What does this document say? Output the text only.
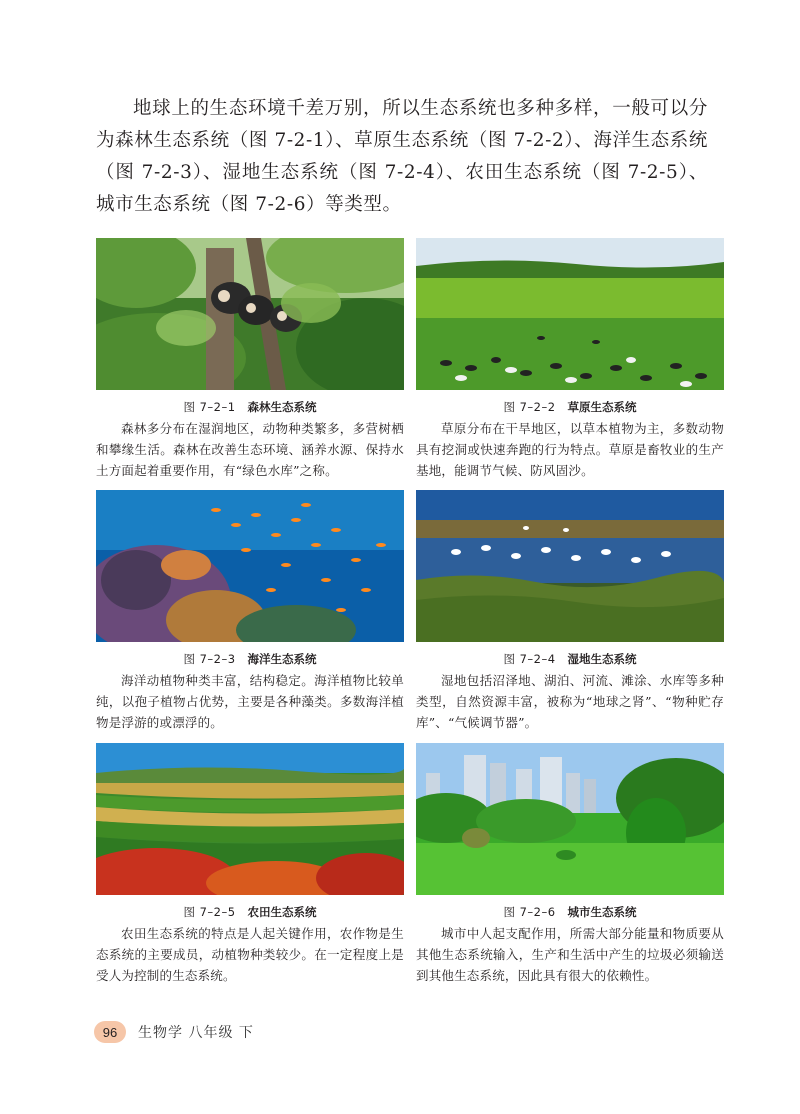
地球上的生态环境千差万别，所以生态系统也多种多样，一般可以分为森林生态系统（图 7-2-1）、草原生态系统（图 7-2-2）、海洋生态系统（图 7-2-3）、湿地生态系统（图 7-2-4）、农田生态系统（图 7-2-5）、城市生态系统（图 7-2-6）等类型。

图 7–2–1 森林生态系统

森林多分布在湿润地区，动物种类繁多，多营树栖和攀缘生活。森林在改善生态环境、涵养水源、保持水土方面起着重要作用，有“绿色水库”之称。

图 7–2–2 草原生态系统

草原分布在干旱地区，以草本植物为主，多数动物具有挖洞或快速奔跑的行为特点。草原是畜牧业的生产基地，能调节气候、防风固沙。

图 7–2–3 海洋生态系统

海洋动植物种类丰富，结构稳定。海洋植物比较单纯，以孢子植物占优势，主要是各种藻类。多数海洋植物是浮游的或漂浮的。

图 7–2–4 湿地生态系统

湿地包括沼泽地、湖泊、河流、滩涂、水库等多种类型，自然资源丰富，被称为“地球之肾”、“物种贮存库”、“气候调节器”。

图 7–2–5 农田生态系统

农田生态系统的特点是人起关键作用，农作物是生态系统的主要成员，动植物种类较少。在一定程度上是受人为控制的生态系统。

图 7–2–6 城市生态系统

城市中人起支配作用，所需大部分能量和物质要从其他生态系统输入，生产和生活中产生的垃圾必须输送到其他生态系统，因此具有很大的依赖性。

96	生物学 八年级 下
